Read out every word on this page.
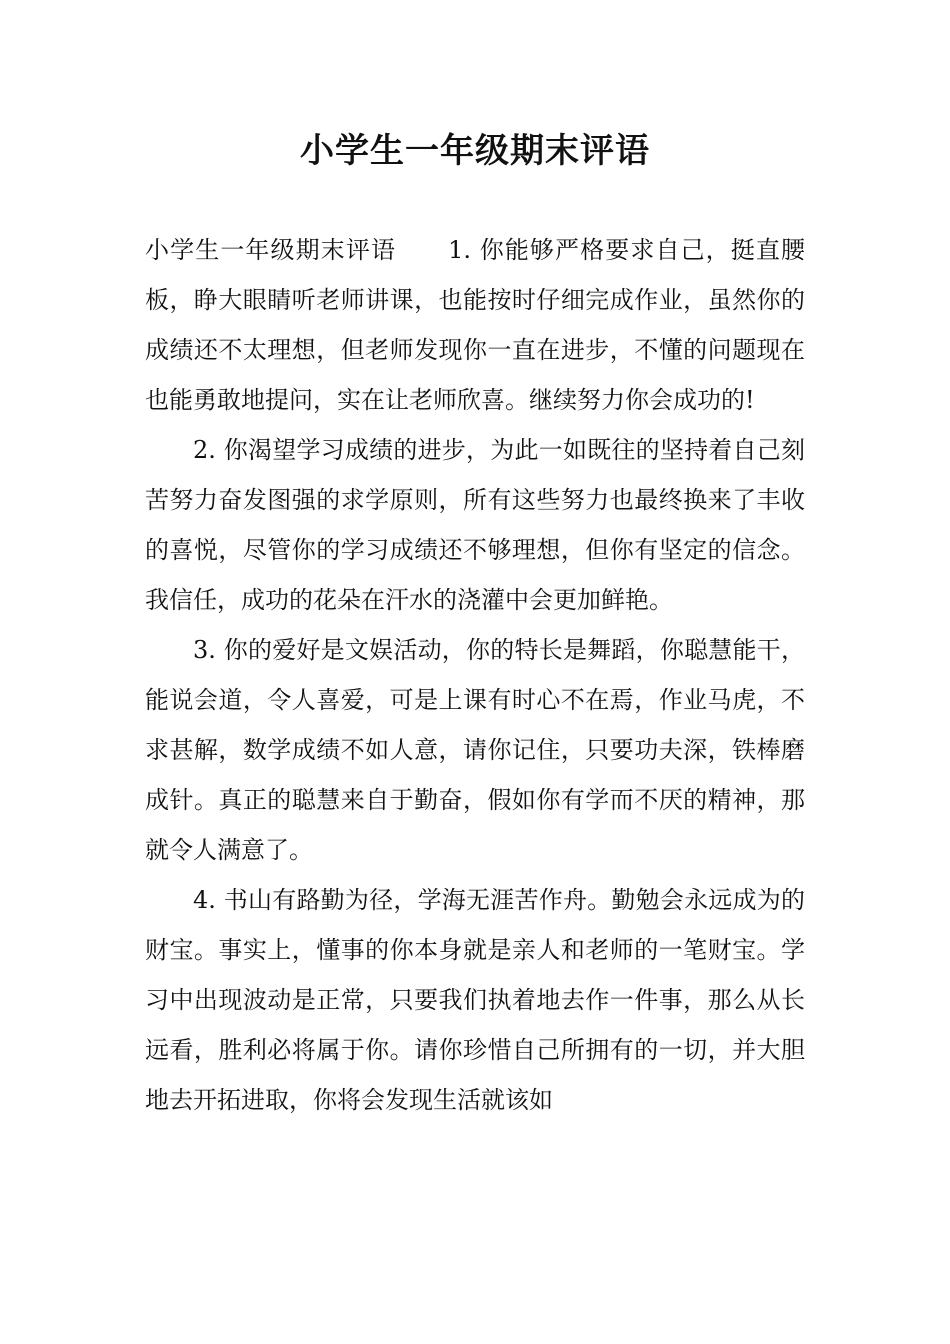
小学生一年级期末评语

小学生一年级期末评语 1. 你能够严格要求自己，挺直腰板，睁大眼睛听老师讲课，也能按时仔细完成作业，虽然你的成绩还不太理想，但老师发现你一直在进步，不懂的问题现在也能勇敢地提问，实在让老师欣喜。继续努力你会成功的!

2. 你渴望学习成绩的进步，为此一如既往的坚持着自己刻苦努力奋发图强的求学原则，所有这些努力也最终换来了丰收的喜悦，尽管你的学习成绩还不够理想，但你有坚定的信念。我信任，成功的花朵在汗水的浇灌中会更加鲜艳。

3. 你的爱好是文娱活动，你的特长是舞蹈，你聪慧能干，能说会道，令人喜爱，可是上课有时心不在焉，作业马虎，不求甚解，数学成绩不如人意，请你记住，只要功夫深，铁棒磨成针。真正的聪慧来自于勤奋，假如你有学而不厌的精神，那就令人满意了。

4. 书山有路勤为径，学海无涯苦作舟。勤勉会永远成为的财宝。事实上，懂事的你本身就是亲人和老师的一笔财宝。学习中出现波动是正常，只要我们执着地去作一件事，那么从长远看，胜利必将属于你。请你珍惜自己所拥有的一切，并大胆地去开拓进取，你将会发现生活就该如
